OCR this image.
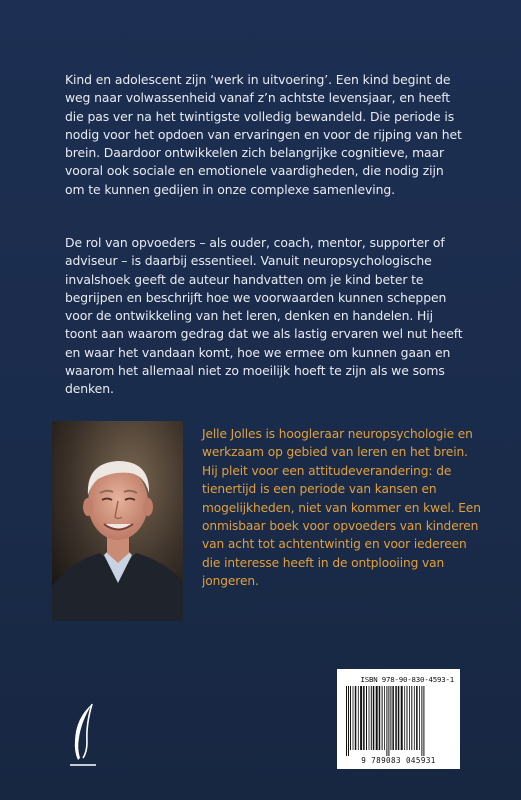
Kind en adolescent zijn ‘werk in uitvoering’. Een kind begint de weg naar volwassenheid vanaf z’n achtste levensjaar, en heeft die pas ver na het twintigste volledig bewandeld. Die periode is nodig voor het opdoen van ervaringen en voor de rijping van het brein. Daardoor ontwikkelen zich belangrijke cognitieve, maar vooral ook sociale en emotionele vaardigheden, die nodig zijn om te kunnen gedijen in onze complexe samenleving.

De rol van opvoeders – als ouder, coach, mentor, supporter of adviseur – is daarbij essentieel. Vanuit neuropsychologische invalshoek geeft de auteur handvatten om je kind beter te begrijpen en beschrijft hoe we voorwaarden kunnen scheppen voor de ontwikkeling van het leren, denken en handelen. Hij toont aan waarom gedrag dat we als lastig ervaren wel nut heeft en waar het vandaan komt, hoe we ermee om kunnen gaan en waarom het allemaal niet zo moeilijk hoeft te zijn als we soms denken.

Jelle Jolles is hoogleraar neuropsychologie en werkzaam op gebied van leren en het brein. Hij pleit voor een attitudeverandering: de tienertijd is een periode van kansen en mogelijkheden, niet van kommer en kwel. Een onmisbaar boek voor opvoeders van kinderen van acht tot achtentwintig en voor iedereen die interesse heeft in de ontplooiing van jongeren.

ISBN 978-90-830-4593-1
9 789083 045931
